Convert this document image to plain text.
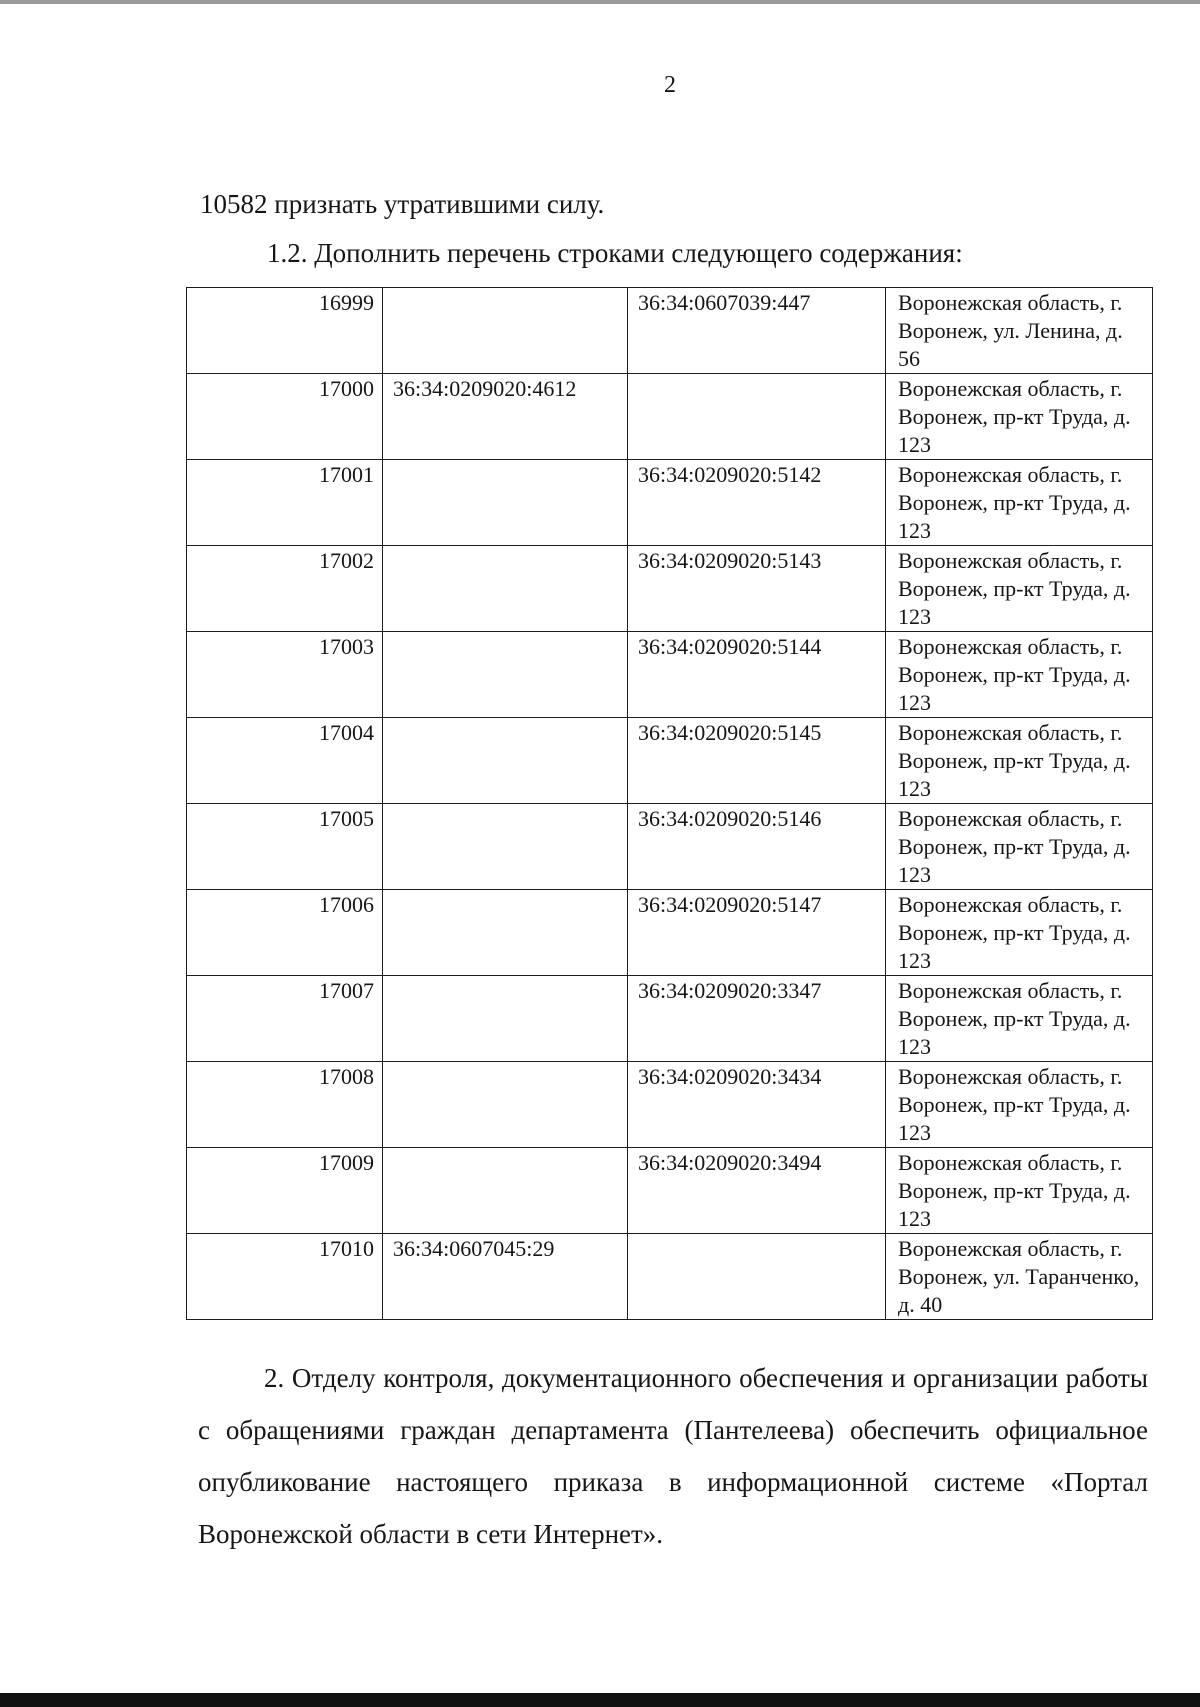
2
10582 признать утратившими силу.
1.2. Дополнить перечень строками следующего содержания:
16999		36:34:0607039:447	Воронежская область, г. Воронеж, ул. Ленина, д. 56
17000	36:34:0209020:4612		Воронежская область, г. Воронеж, пр-кт Труда, д. 123
17001		36:34:0209020:5142	Воронежская область, г. Воронеж, пр-кт Труда, д. 123
17002		36:34:0209020:5143	Воронежская область, г. Воронеж, пр-кт Труда, д. 123
17003		36:34:0209020:5144	Воронежская область, г. Воронеж, пр-кт Труда, д. 123
17004		36:34:0209020:5145	Воронежская область, г. Воронеж, пр-кт Труда, д. 123
17005		36:34:0209020:5146	Воронежская область, г. Воронеж, пр-кт Труда, д. 123
17006		36:34:0209020:5147	Воронежская область, г. Воронеж, пр-кт Труда, д. 123
17007		36:34:0209020:3347	Воронежская область, г. Воронеж, пр-кт Труда, д. 123
17008		36:34:0209020:3434	Воронежская область, г. Воронеж, пр-кт Труда, д. 123
17009		36:34:0209020:3494	Воронежская область, г. Воронеж, пр-кт Труда, д. 123
17010	36:34:0607045:29		Воронежская область, г. Воронеж, ул. Таранченко, д. 40

2. Отделу контроля, документационного обеспечения и организации работы с обращениями граждан департамента (Пантелеева) обеспечить официальное опубликование настоящего приказа в информационной системе «Портал Воронежской области в сети Интернет».
